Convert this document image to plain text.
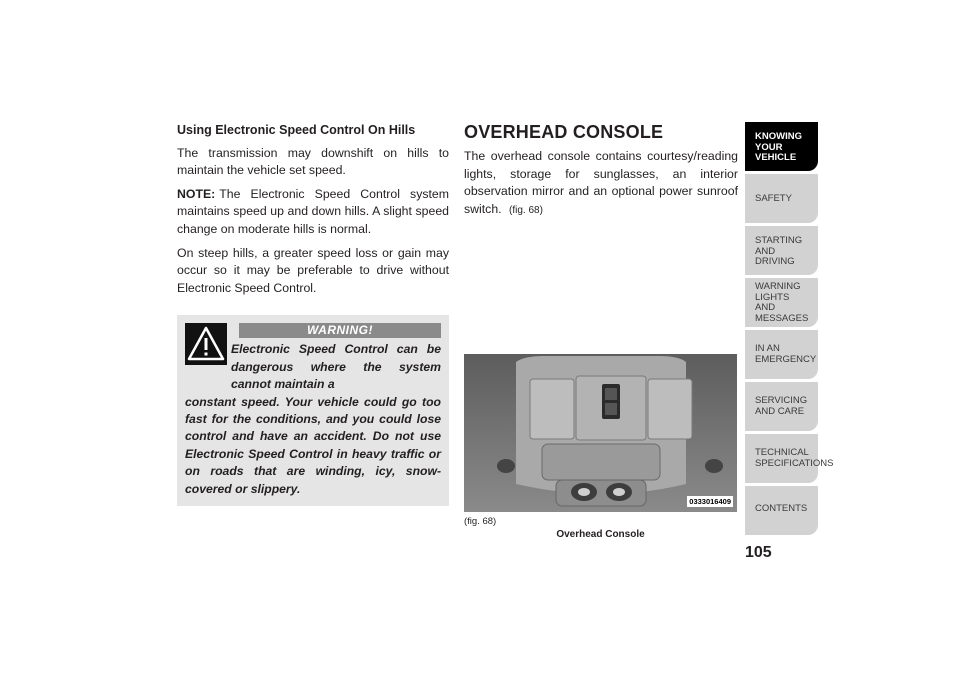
Using Electronic Speed Control On Hills

The transmission may downshift on hills to maintain the vehicle set speed.

NOTE: The Electronic Speed Control system maintains speed up and down hills. A slight speed change on moderate hills is normal.

On steep hills, a greater speed loss or gain may occur so it may be preferable to drive without Electronic Speed Control.

WARNING!
Electronic Speed Control can be dangerous where the system cannot maintain a
constant speed. Your vehicle could go too fast for the conditions, and you could lose control and have an accident. Do not use Electronic Speed Control in heavy traffic or on roads that are winding, icy, snow-covered or slippery.
OVERHEAD CONSOLE

The overhead console contains courtesy/reading lights, storage for sunglasses, an interior observation mirror and an optional power sunroof switch. (fig. 68)

0333016409
(fig. 68)
Overhead Console
KNOWING
YOUR
VEHICLE
SAFETY
STARTING
AND
DRIVING
WARNING
LIGHTS
AND
MESSAGES
IN AN
EMERGENCY
SERVICING
AND CARE
TECHNICAL
SPECIFICATIONS
CONTENTS
105
